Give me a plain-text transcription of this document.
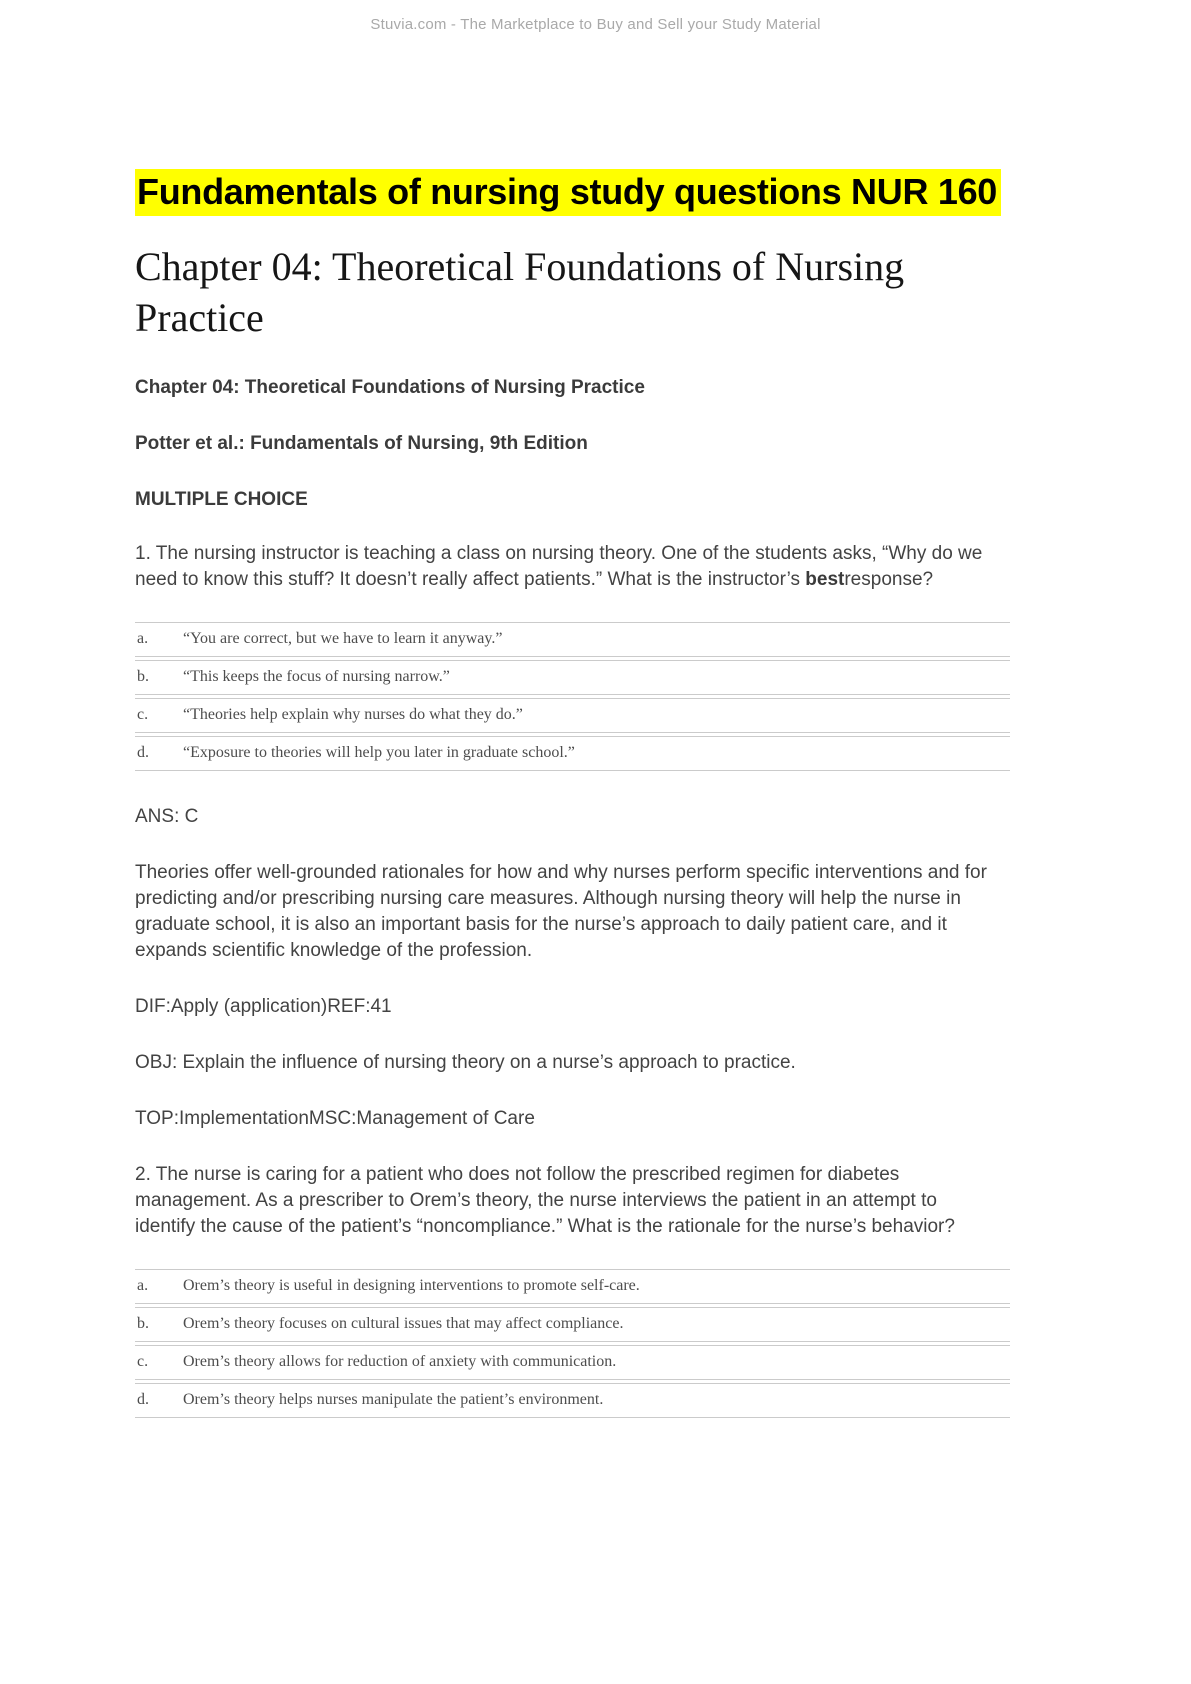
Stuvia.com - The Marketplace to Buy and Sell your Study Material
Fundamentals of nursing study questions NUR 160
Chapter 04: Theoretical Foundations of Nursing Practice

Chapter 04: Theoretical Foundations of Nursing Practice

Potter et al.: Fundamentals of Nursing, 9th Edition

MULTIPLE CHOICE

1. The nursing instructor is teaching a class on nursing theory. One of the students asks, “Why do we need to know this stuff? It doesn’t really affect patients.” What is the instructor’s bestresponse?

a.	“You are correct, but we have to learn it anyway.”
b.	“This keeps the focus of nursing narrow.”
c.	“Theories help explain why nurses do what they do.”
d.	“Exposure to theories will help you later in graduate school.”

ANS: C

Theories offer well-grounded rationales for how and why nurses perform specific interventions and for predicting and/or prescribing nursing care measures. Although nursing theory will help the nurse in graduate school, it is also an important basis for the nurse’s approach to daily patient care, and it expands scientific knowledge of the profession.

DIF:Apply (application)REF:41

OBJ: Explain the influence of nursing theory on a nurse’s approach to practice.

TOP:ImplementationMSC:Management of Care

2. The nurse is caring for a patient who does not follow the prescribed regimen for diabetes management. As a prescriber to Orem’s theory, the nurse interviews the patient in an attempt to identify the cause of the patient’s “noncompliance.” What is the rationale for the nurse’s behavior?

a.	Orem’s theory is useful in designing interventions to promote self-care.
b.	Orem’s theory focuses on cultural issues that may affect compliance.
c.	Orem’s theory allows for reduction of anxiety with communication.
d.	Orem’s theory helps nurses manipulate the patient’s environment.
